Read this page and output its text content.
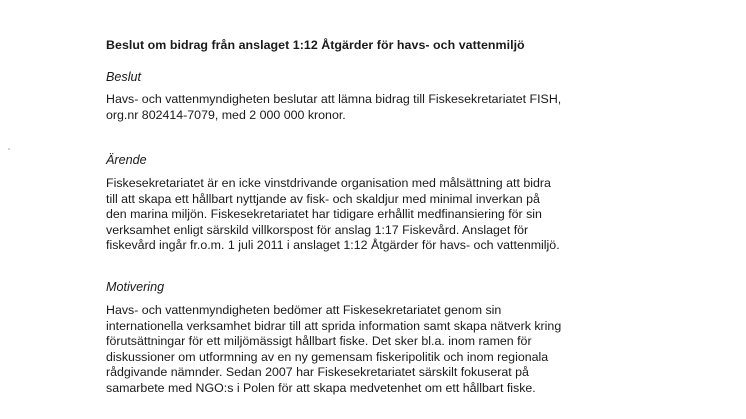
Beslut om bidrag från anslaget 1:12 Åtgärder för havs- och vattenmiljö
Beslut
Havs- och vattenmyndigheten beslutar att lämna bidrag till Fiskesekretariatet FISH,
org.nr 802414-7079, med 2 000 000 kronor.
Ärende
Fiskesekretariatet är en icke vinstdrivande organisation med målsättning att bidra
till att skapa ett hållbart nyttjande av fisk- och skaldjur med minimal inverkan på
den marina miljön. Fiskesekretariatet har tidigare erhållit medfinansiering för sin
verksamhet enligt särskild villkorspost för anslag 1:17 Fiskevård. Anslaget för
fiskevård ingår fr.o.m. 1 juli 2011 i anslaget 1:12 Åtgärder för havs- och vattenmiljö.
Motivering
Havs- och vattenmyndigheten bedömer att Fiskesekretariatet genom sin
internationella verksamhet bidrar till att sprida information samt skapa nätverk kring
förutsättningar för ett miljömässigt hållbart fiske. Det sker bl.a. inom ramen för
diskussioner om utformning av en ny gemensam fiskeripolitik och inom regionala
rådgivande nämnder. Sedan 2007 har Fiskesekretariatet särskilt fokuserat på
samarbete med NGO:s i Polen för att skapa medvetenhet om ett hållbart fiske.
